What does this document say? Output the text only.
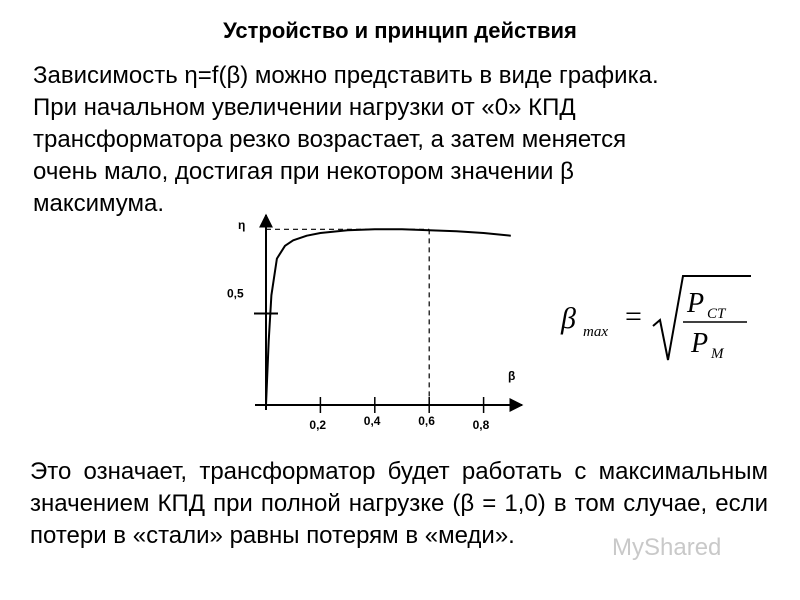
Устройство и принцип действия
Зависимость η=f(β) можно представить в виде графика.
При начальном увеличении нагрузки от «0» КПД
трансформатора резко возрастает, а затем меняется
очень мало, достигая при некотором значении β
максимума.
η
β
0,2	0,4	0,6	0,8
0,5
β max = P CT
P M
Это означает, трансформатор будет работать с максимальным значением КПД при полной нагрузке (β = 1,0) в том случае, если потери в «стали» равны потерям в «меди».	MyShared
